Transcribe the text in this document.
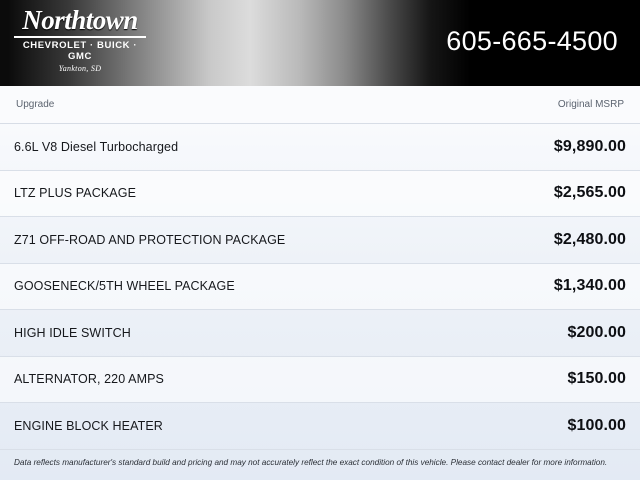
Northtown
CHEVROLET · BUICK · GMC
Yankton, SD
605-665-4500
Upgrade	Original MSRP
6.6L V8 Diesel Turbocharged	$9,890.00
LTZ PLUS PACKAGE	$2,565.00
Z71 OFF-ROAD AND PROTECTION PACKAGE	$2,480.00
GOOSENECK/5TH WHEEL PACKAGE	$1,340.00
HIGH IDLE SWITCH	$200.00
ALTERNATOR, 220 AMPS	$150.00
ENGINE BLOCK HEATER	$100.00
Data reflects manufacturer's standard build and pricing and may not accurately reflect the exact condition of this vehicle. Please contact dealer for more information.
